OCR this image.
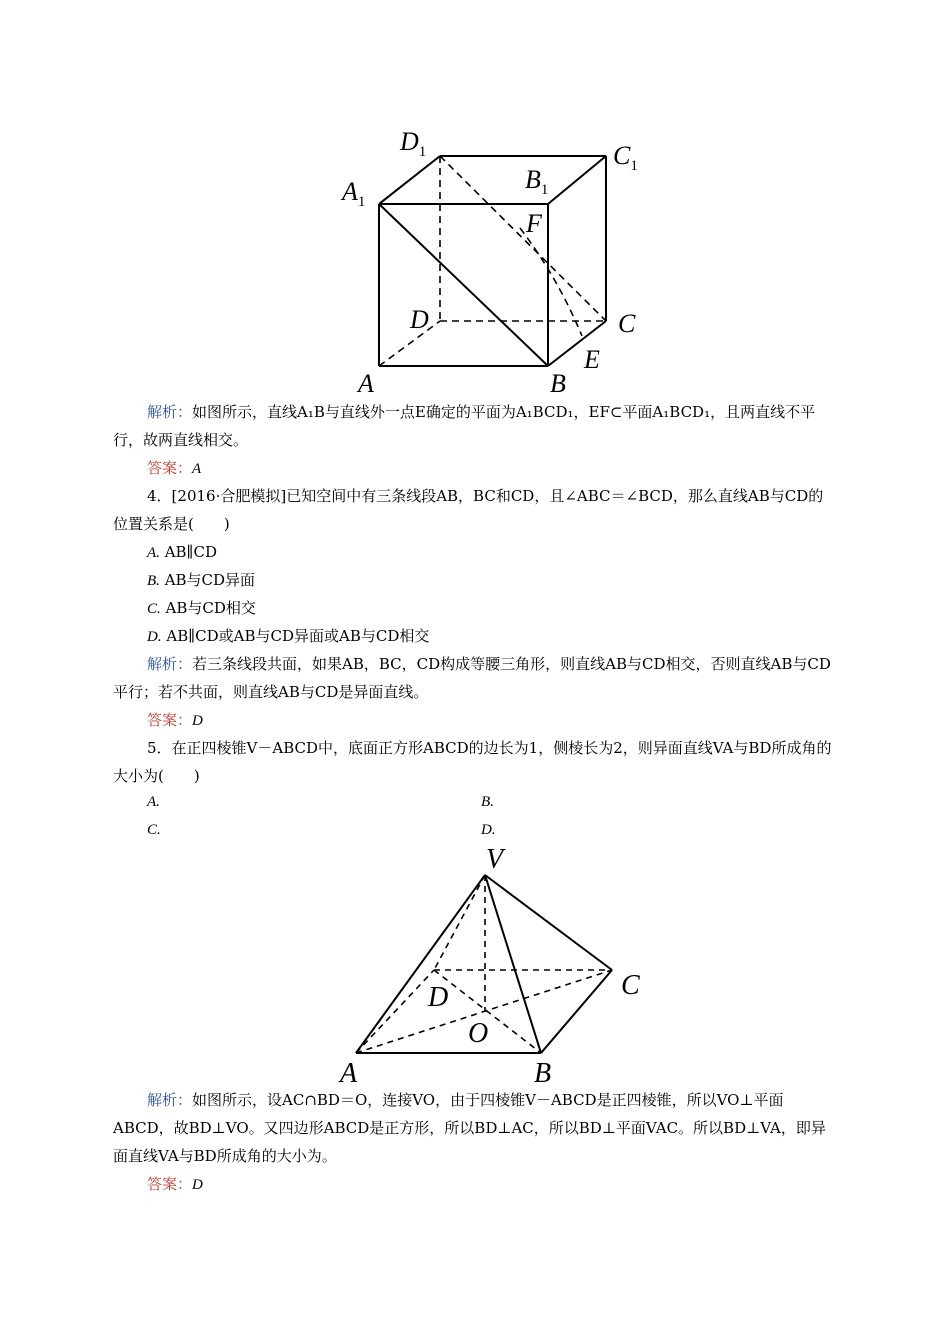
$D_1$	$C_1$
$A_1$
$B_1$
F
D	C
E
A	B

解析：如图所示，直线A₁B与直线外一点E确定的平面为A₁BCD₁，EF⊂平面A₁BCD₁，且两直线不平行，故两直线相交。

答案：A

4．[2016·合肥模拟]已知空间中有三条线段AB，BC和CD，且∠ABC＝∠BCD，那么直线AB与CD的位置关系是(　　)

A. AB∥CD

B. AB与CD异面

C. AB与CD相交

D. AB∥CD或AB与CD异面或AB与CD相交

解析：若三条线段共面，如果AB，BC，CD构成等腰三角形，则直线AB与CD相交，否则直线AB与CD平行；若不共面，则直线AB与CD是异面直线。

答案：D

5．在正四棱锥V－ABCD中，底面正方形ABCD的边长为1，侧棱长为2，则异面直线VA与BD所成角的大小为(　　)

A.	B.
C.	D.
V
C
D
O
A	B

解析：如图所示，设AC∩BD＝O，连接VO，由于四棱锥V－ABCD是正四棱锥，所以VO⊥平面ABCD，故BD⊥VO。又四边形ABCD是正方形，所以BD⊥AC，所以BD⊥平面VAC。所以BD⊥VA，即异面直线VA与BD所成角的大小为。

答案：D
